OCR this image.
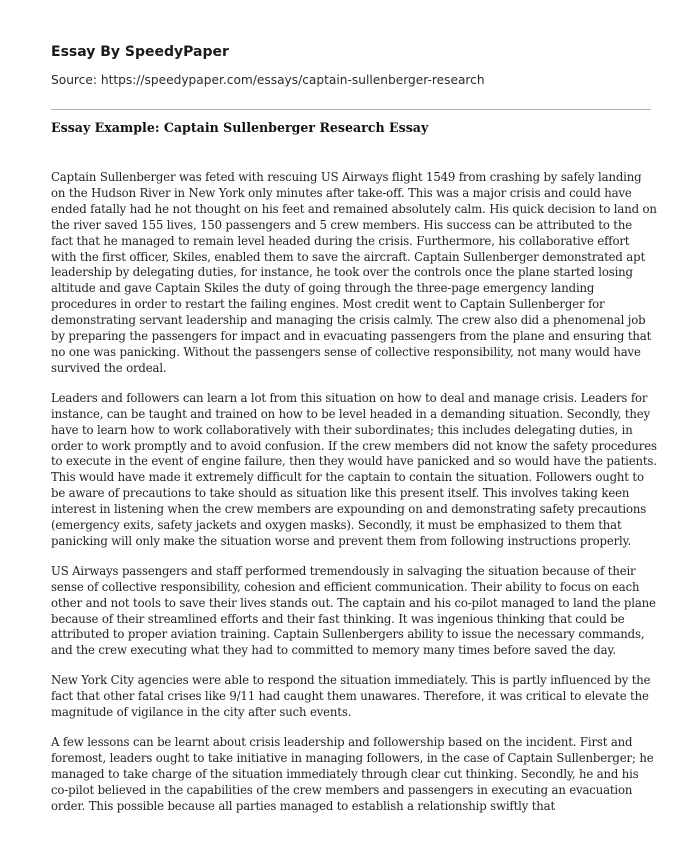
Essay By SpeedyPaper
Source: https://speedypaper.com/essays/captain-sullenberger-research
Essay Example: Captain Sullenberger Research Essay

Captain Sullenberger was feted with rescuing US Airways flight 1549 from crashing by safely landing on the Hudson River in New York only minutes after take-off. This was a major crisis and could have ended fatally had he not thought on his feet and remained absolutely calm. His quick decision to land on the river saved 155 lives, 150 passengers and 5 crew members. His success can be attributed to the fact that he managed to remain level headed during the crisis. Furthermore, his collaborative effort with the first officer, Skiles, enabled them to save the aircraft. Captain Sullenberger demonstrated apt leadership by delegating duties, for instance, he took over the controls once the plane started losing altitude and gave Captain Skiles the duty of going through the three-page emergency landing procedures in order to restart the failing engines. Most credit went to Captain Sullenberger for demonstrating servant leadership and managing the crisis calmly. The crew also did a phenomenal job by preparing the passengers for impact and in evacuating passengers from the plane and ensuring that no one was panicking. Without the passengers sense of collective responsibility, not many would have survived the ordeal.

Leaders and followers can learn a lot from this situation on how to deal and manage crisis. Leaders for instance, can be taught and trained on how to be level headed in a demanding situation. Secondly, they have to learn how to work collaboratively with their subordinates; this includes delegating duties, in order to work promptly and to avoid confusion. If the crew members did not know the safety procedures to execute in the event of engine failure, then they would have panicked and so would have the patients. This would have made it extremely difficult for the captain to contain the situation. Followers ought to be aware of precautions to take should as situation like this present itself. This involves taking keen interest in listening when the crew members are expounding on and demonstrating safety precautions (emergency exits, safety jackets and oxygen masks). Secondly, it must be emphasized to them that panicking will only make the situation worse and prevent them from following instructions properly.

US Airways passengers and staff performed tremendously in salvaging the situation because of their sense of collective responsibility, cohesion and efficient communication. Their ability to focus on each other and not tools to save their lives stands out. The captain and his co-pilot managed to land the plane because of their streamlined efforts and their fast thinking. It was ingenious thinking that could be attributed to proper aviation training. Captain Sullenbergers ability to issue the necessary commands, and the crew executing what they had to committed to memory many times before saved the day.

New York City agencies were able to respond the situation immediately. This is partly influenced by the fact that other fatal crises like 9/11 had caught them unawares. Therefore, it was critical to elevate the magnitude of vigilance in the city after such events.

A few lessons can be learnt about crisis leadership and followership based on the incident. First and foremost, leaders ought to take initiative in managing followers, in the case of Captain Sullenberger; he managed to take charge of the situation immediately through clear cut thinking. Secondly, he and his co-pilot believed in the capabilities of the crew members and passengers in executing an evacuation order. This possible because all parties managed to establish a relationship swiftly that
